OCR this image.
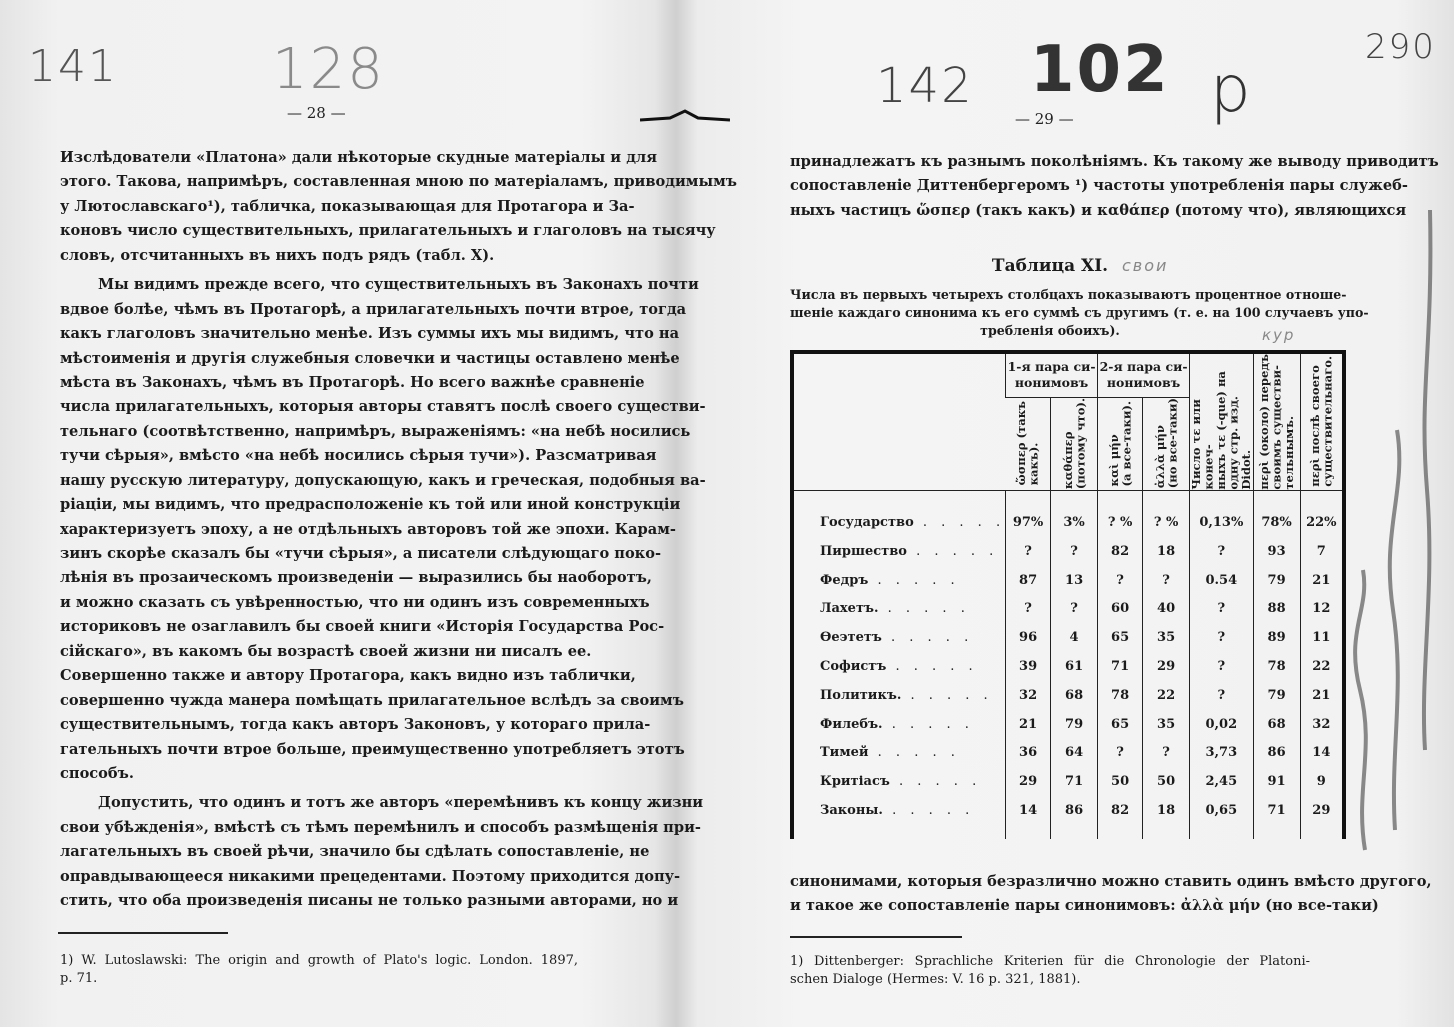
141	128	142 102 р
290
свои
кур
— 28 —
Изслѣдователи «Платона» дали нѣкоторые скудные матеріалы и для
этого. Такова, напримѣръ, составленная мною по матеріаламъ, приводимымъ
у Лютославскаго¹), табличка, показывающая для Протагора и За-
коновъ число существительныхъ, прилагательныхъ и глаголовъ на тысячу
словъ, отсчитанныхъ въ нихъ подъ рядъ (табл. X).
Мы видимъ прежде всего, что существительныхъ въ Законахъ почти
вдвое болѣе, чѣмъ въ Протагорѣ, а прилагательныхъ почти втрое, тогда
какъ глаголовъ значительно менѣе. Изъ суммы ихъ мы видимъ, что на
мѣстоименія и другія служебныя словечки и частицы оставлено менѣе
мѣста въ Законахъ, чѣмъ въ Протагорѣ. Но всего важнѣе сравненіе
числа прилагательныхъ, которыя авторы ставятъ послѣ своего существи-
тельнаго (соотвѣтственно, напримѣръ, выраженіямъ: «на небѣ носились
тучи сѣрыя», вмѣсто «на небѣ носились сѣрыя тучи»). Разсматривая
нашу русскую литературу, допускающую, какъ и греческая, подобныя ва-
ріаціи, мы видимъ, что предрасположеніе къ той или иной конструкціи
характеризуетъ эпоху, а не отдѣльныхъ авторовъ той же эпохи. Карам-
зинъ скорѣе сказалъ бы «тучи сѣрыя», а писатели слѣдующаго поко-
лѣнія въ прозаическомъ произведеніи — выразились бы наоборотъ,
и можно сказать съ увѣренностью, что ни одинъ изъ современныхъ
историковъ не озаглавилъ бы своей книги «Исторія Государства Рос-
сійскаго», въ какомъ бы возрастѣ своей жизни ни писалъ ее.
Совершенно также и автору Протагора, какъ видно изъ таблички,
совершенно чужда манера помѣщать прилагательное вслѣдъ за своимъ
существительнымъ, тогда какъ авторъ Законовъ, у котораго прила-
гательныхъ почти втрое больше, преимущественно употребляетъ этотъ
способъ.
Допустить, что одинъ и тотъ же авторъ «перемѣнивъ къ концу жизни
свои убѣжденія», вмѣстѣ съ тѣмъ перемѣнилъ и способъ размѣщенія при-
лагательныхъ въ своей рѣчи, значило бы сдѣлать сопоставленіе, не
оправдывающееся никакими прецедентами. Поэтому приходится допу-
стить, что оба произведенія писаны не только разными авторами, но и
1) W. Lutoslawski: The origin and growth of Plato's logic. London. 1897,
p. 71.
— 29 —
принадлежатъ къ разнымъ поколѣніямъ. Къ такому же выводу приводитъ
сопоставленіе Диттенбергеромъ ¹) частоты употребленія пары служеб-
ныхъ частицъ ὥσπερ (такъ какъ) и καθάπερ (потому что), являющихся
Таблица XI.
Числа въ первыхъ четырехъ столбцахъ показываютъ процентное отноше-
шеніе каждаго синонима къ его суммѣ съ другимъ (т. е. на 100 случаевъ упо-
требленія обоихъ).
	1-я пара си-
нонимовъ		2-я пара си-
нонимовъ		Число τε или конеч-
ныхъ τε (-que) на
одну стр. изд. Didot.	περὶ (около) передъ
своимъ существи-
тельнымъ.	περὶ послѣ своего
существительнаго.

	ὥσπερ (такъ
какъ).	καθάπερ
(потому что).	καὶ μήν
(а все-таки).	ἀλλὰ μήν
(но все-таки)			

Государство . . . . .	97%	3%	? %	? %	0,13%	78%	22%
Пиршество . . . . .	?	?	82	18	?	93	7
Федръ . . . . .	87	13	?	?	0.54	79	21
Лахетъ. . . . . .	?	?	60	40	?	88	12
Ѳеэтетъ . . . . .	96	4	65	35	?	89	11
Софистъ . . . . .	39	61	71	29	?	78	22
Политикъ. . . . . .	32	68	78	22	?	79	21
Филебъ. . . . . .	21	79	65	35	0,02	68	32
Тимей . . . . .	36	64	?	?	3,73	86	14
Критіасъ . . . . .	29	71	50	50	2,45	91	9
Законы. . . . . .	14	86	82	18	0,65	71	29

синонимами, которыя безразлично можно ставить одинъ вмѣсто другого,
и такое же сопоставленіе пары синонимовъ: ἀλλὰ μήν (но все-таки)
1) Dittenberger: Sprachliche Kriterien für die Chronologie der Platoni-
schen Dialoge (Hermes: V. 16 p. 321, 1881).
